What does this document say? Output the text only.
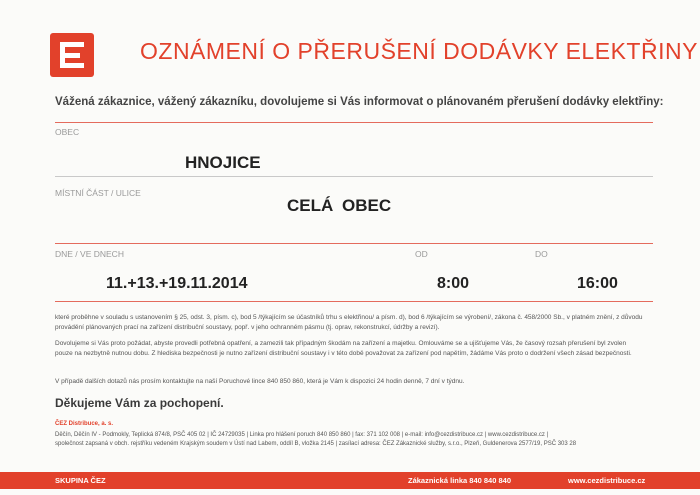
OZNÁMENÍ O PŘERUŠENÍ DODÁVKY ELEKTŘINY
Vážená zákaznice, vážený zákazníku, dovolujeme si Vás informovat o plánovaném přerušení dodávky elektřiny:
OBEC
HNOJICE
MÍSTNÍ ČÁST / ULICE
CELÁ OBEC
DNE / VE DNECH	OD	DO
11.+13.+19.11.2014	8:00	16:00
které proběhne v souladu s ustanovením § 25, odst. 3, písm. c), bod 5 /týkajícím se účastníků trhu s elektřinou/ a písm. d), bod 6 /týkajícím se výrobení/, zákona č. 458/2000 Sb., v platném znění, z důvodu provádění plánovaných prací na zařízení distribuční soustavy, popř. v jeho ochranném pásmu (tj. oprav, rekonstrukcí, údržby a revizí).
Dovolujeme si Vás proto požádat, abyste provedli potřebná opatření, a zamezili tak případným škodám na zařízení a majetku. Omlouváme se a ujišťujeme Vás, že časový rozsah přerušení byl zvolen pouze na nezbytně nutnou dobu. Z hlediska bezpečnosti je nutno zařízení distribuční soustavy i v této době považovat za zařízení pod napětím, žádáme Vás proto o dodržení všech zásad bezpečnosti.
V případě dalších dotazů nás prosím kontaktujte na naší Poruchové lince 840 850 860, která je Vám k dispozici 24 hodin denně, 7 dní v týdnu.
Děkujeme Vám za pochopení.
ČEZ Distribuce, a. s.
Děčín, Děčín IV - Podmokly, Teplická 874/8, PSČ 405 02 | IČ 24729035 | Linka pro hlášení poruch 840 850 860 | fax: 371 102 008 | e-mail: info@cezdistribuce.cz | www.cezdistribuce.cz |
společnost zapsaná v obch. rejstříku vedeném Krajským soudem v Ústí nad Labem, oddíl B, vložka 2145 | zasílací adresa: ČEZ Zákaznické služby, s.r.o., Plzeň, Guldenerova 2577/19, PSČ 303 28
SKUPINA ČEZ	Zákaznická linka 840 840 840	www.cezdistribuce.cz
